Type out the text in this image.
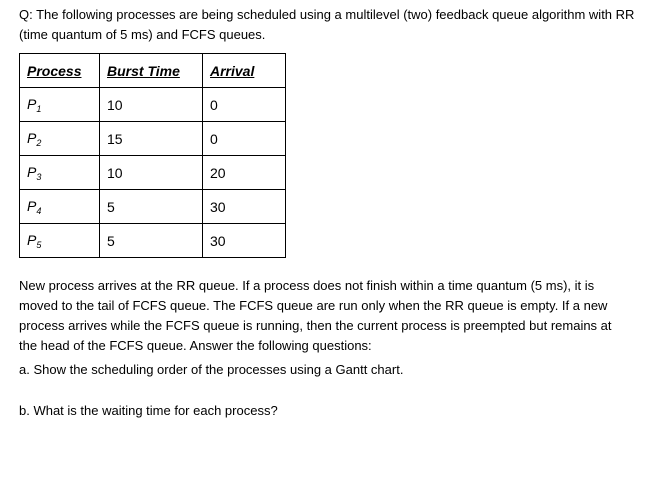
Q: The following processes are being scheduled using a multilevel (two) feedback queue algorithm with RR (time quantum of 5 ms) and FCFS queues.

Process	Burst Time	Arrival
$P_1$	10	0
$P_2$	15	0
$P_3$	10	20
$P_4$	5	30
$P_5$	5	30

New process arrives at the RR queue. If a process does not finish within a time quantum (5 ms), it is moved to the tail of FCFS queue. The FCFS queue are run only when the RR queue is empty. If a new process arrives while the FCFS queue is running, then the current process is preempted but remains at the head of the FCFS queue. Answer the following questions:

a. Show the scheduling order of the processes using a Gantt chart.

b. What is the waiting time for each process?
